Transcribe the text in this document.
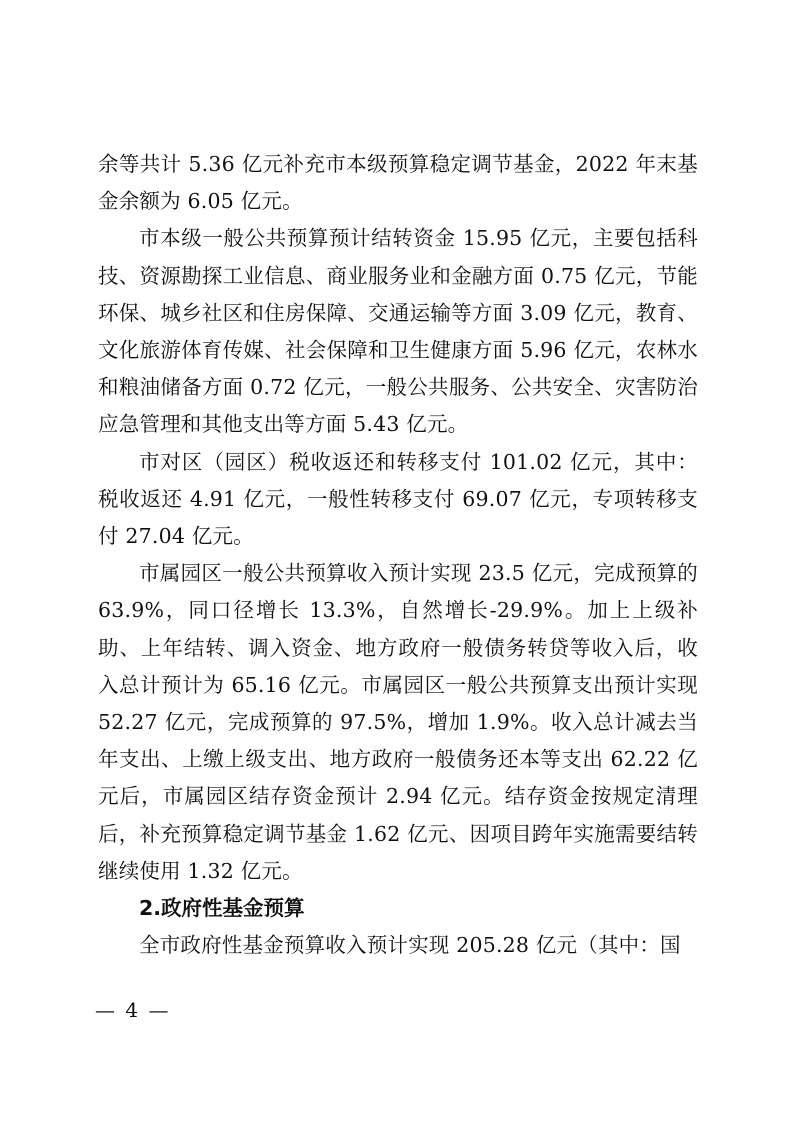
余等共计 5.36 亿元补充市本级预算稳定调节基金，2022 年末基金余额为 6.05 亿元。

市本级一般公共预算预计结转资金 15.95 亿元，主要包括科技、资源勘探工业信息、商业服务业和金融方面 0.75 亿元，节能环保、城乡社区和住房保障、交通运输等方面 3.09 亿元，教育、文化旅游体育传媒、社会保障和卫生健康方面 5.96 亿元，农林水和粮油储备方面 0.72 亿元，一般公共服务、公共安全、灾害防治应急管理和其他支出等方面 5.43 亿元。

市对区（园区）税收返还和转移支付 101.02 亿元，其中：税收返还 4.91 亿元，一般性转移支付 69.07 亿元，专项转移支付 27.04 亿元。

市属园区一般公共预算收入预计实现 23.5 亿元，完成预算的 63.9%，同口径增长 13.3%，自然增长-29.9%。加上上级补助、上年结转、调入资金、地方政府一般债务转贷等收入后，收入总计预计为 65.16 亿元。市属园区一般公共预算支出预计实现 52.27 亿元，完成预算的 97.5%，增加 1.9%。收入总计减去当年支出、上缴上级支出、地方政府一般债务还本等支出 62.22 亿元后，市属园区结存资金预计 2.94 亿元。结存资金按规定清理后，补充预算稳定调节基金 1.62 亿元、因项目跨年实施需要结转继续使用 1.32 亿元。

2.政府性基金预算

全市政府性基金预算收入预计实现 205.28 亿元（其中：国

— 4 —
